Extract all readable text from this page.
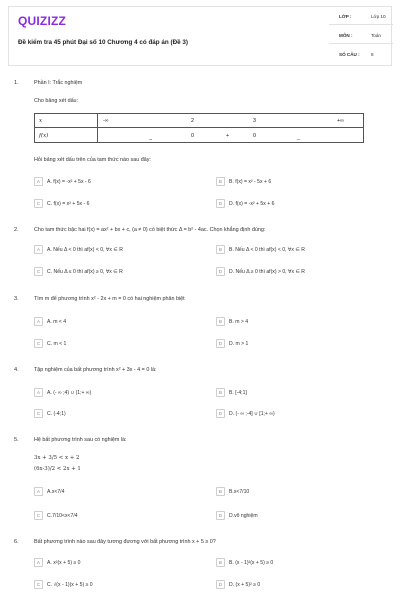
QUIZIZZ
Đề kiểm tra 45 phút Đại số 10 Chương 4 có đáp án (Đề 3)
LỚP :	Lớp 10
MÔN :	Toán
SỐ CÂU : 8
1.	Phần I: Trắc nghiệm
Cho bảng xét dấu:
x	-∞	2	3	+∞
f(x)	_	0	+	0	_
Hỏi bảng xét dấu trên của tam thức nào sau đây:
A	A. f(x) = -x² + 5x - 6	B	B. f(x) = x² - 5x + 6
C	C. f(x) = x² + 5x - 6	D	D. f(x) = -x² + 5x + 6
2.	Cho tam thức bậc hai f(x) = ax² + bx + c, (a ≠ 0) có biệt thức Δ = b² - 4ac. Chọn khẳng định đúng:
A	A. Nếu Δ < 0 thì af(x) < 0, ∀x ∈ R	B	B. Nếu Δ < 0 thì af(x) < 0, ∀x ∈ R
C	C. Nếu Δ ≤ 0 thì af(x) ≥ 0, ∀x ∈ R	D	D. Nếu Δ ≥ 0 thì af(x) > 0, ∀x ∈ R
3.	Tìm m để phương trình x² - 2x + m = 0 có hai nghiệm phân biệt
A	A. m < 4	B	B. m > 4
C	C. m < 1	D	D. m > 1
4.	Tập nghiệm của bất phương trình x² + 3x - 4 = 0 là:
A	A. (- ∞ ;4) ∪ (1;+ ∞)	B	B. [-4;1]
C	C. (-4;1)	D	D. (- ∞ ;-4] ∪ [1;+ ∞)
5.	Hệ bất phương trình sau có nghiệm là:
3x + 3/5 < x + 2
(6x-3)/2 < 2x + 1
A	A.x<7/4	B	B.x<7/10
C	C.7/10<x<7/4	D	D.vô nghiệm
6.	Bất phương trình nào sau đây tương đương với bất phương trình x + 5 ≥ 0?
A	A. x²(x + 5) ≥ 0	B	B. (x - 1)²(x + 5) ≥ 0
C	C. √(x - 1)(x + 5) ≥ 0	D	D. (x + 5)² ≥ 0
